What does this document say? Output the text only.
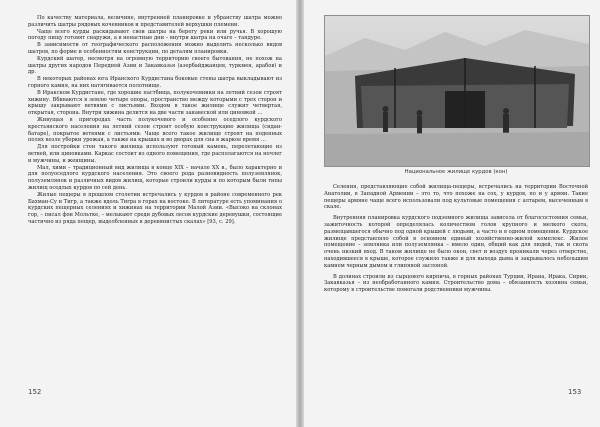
По качеству материала, величине, внутренней планировке и убранству шатра можно различить шатры рядовых кочевников и представителей верхушки племени.

Чаще всего курды раскидывают свои шатры на берегу реки или ручья. В хорошую погоду пищу готовят снаружи, а в ненастные дни – внутри шатра на очаге – тандуре.

В зависимости от географического расположения можно выделить несколько видов шатров, по форме и особенностям конструкции, по деталям планировки.

Курдский шатер, несмотря на огромную территорию своего бытования, не похож на шатры других народов Передней Азии и Закавказья (азербайджанцев, туркмен, арабов) и др.

В некоторых районах юга Иранского Курдистана боковые стены шатра выкладывают из горного камня, на них натягивается полотнище.

В Иракском Курдистане, где хорошие пастбища, полукочевники на летний сезон строят хижину. Вбиваются в землю четыре опоры, пространство между которыми с трех сторон и крышу закрывают ветвями с листьями. Входом в такое жилище служит четвертая, открытая, сторона. Внутри хижина делится на две части занавеской или циновкой …

Живущая в пригородах часть полукочевого и особенно оседлого курдского крестьянского населения на летний сезон строит особую конструкцию жилища (сидан-батаре), покрытое ветвями с листьями. Чаще всего такое жилище строят на поденных полях возле уборки урожая, а также на крышах и во дворах для сна в жаркое время …

Для постройки стен такого жилища используют готовый камень, перелетающие из ветвей, или циновками. Каркас состоит из одного помещения, где располагаются на ночлег и мужчины, и женщины.

Мал, хими – традиционный вид жилища в конце XIX – начале XX в., было характерно и для полуоседлого курдского населения. Это своего рода разновидность полуземлянок, полуземлянок и различных видов жилищ, которые строили курды и по которым были типы жилищ оседлых курдов по сей день.

Жилые пещеры в прошлом столетии встречались у курдов в районе современного рек Бахман-Су и Тигр, а также вдоль Тигра в горах на востоке. В литературе есть упоминания о курдских пещерных селениях и хижинах на территории Малой Азии. «Высоко на склонах гор, – писал фон Мольтке, – мелькают среди дубовых лесов курдские деревушки, состоящие частично из ряда пещер, выдолбленных в деревянистых скалах» [93, с. 29].

Национальное жилище курдов (кон)

Селения, представляющие собой жилища-пещеры, встречались на территории Восточной Анатолии, в Западной Армении – это то, что похоже на сох, у курдов, по и у армян. Такие пещеры армяне чаще всего использовали под культовые помещения с алтарем, высеченным в скале.

Внутренняя планировка курдского подземного жилища зависела от благосостояния семьи, зажиточность которой определялась количеством голов крупного и мелкого скота, размещавшегося обычно под одной крышей с людьми, а часто и в одном помещении. Курдское жилище представляло собой в основном единый хозяйственно-жилой комплекс. Жилое помещение – землянка или полуземлянка – имело один, общий как для людей, так и скота очень низкий вход. В таком жилище не было окон, свет и воздух проникали через отверстие, находившееся в крыше, которое служило также и для выхода дыма и закрывалось небольшим камнем черным дымом и глиняной заслоной.

В долинах строили из сырцового кирпича, в горных районах Турции, Ирана, Ирака, Сирии, Закавказья – из необработанного камня. Строительство дома – обязанность хозяина семьи, которому в строительстве помогали родственники мужчины.

152	153
